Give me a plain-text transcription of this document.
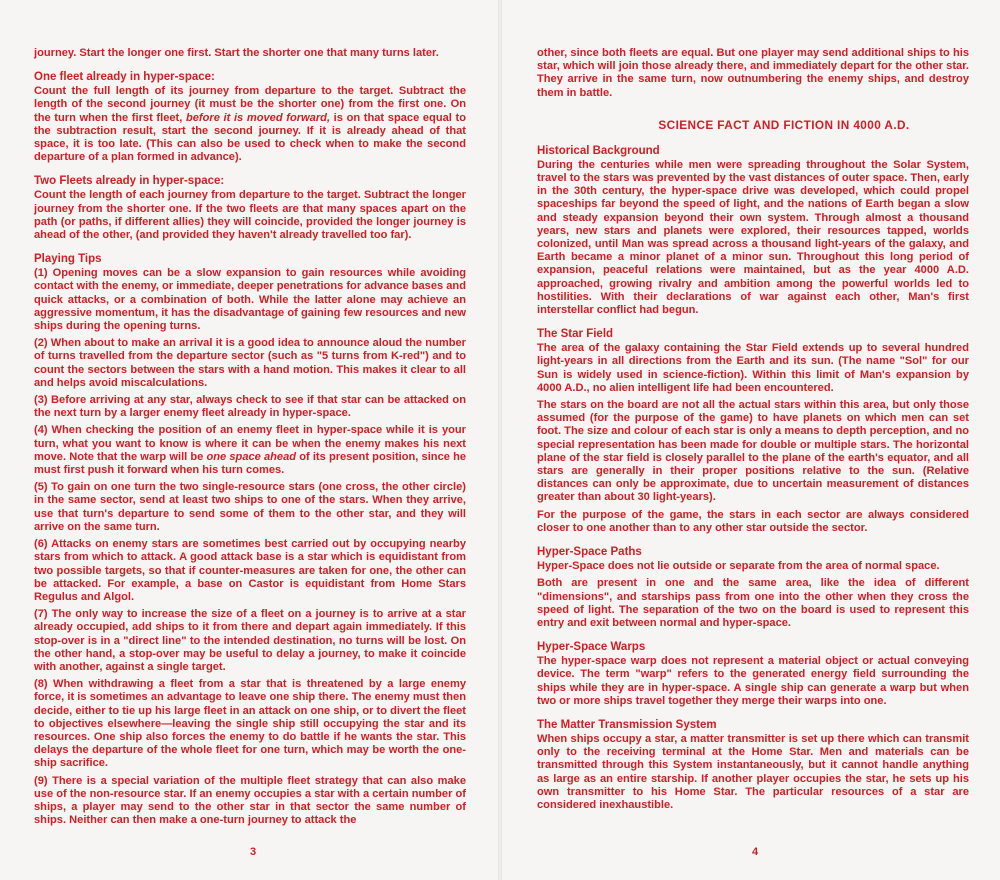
journey. Start the longer one first. Start the shorter one that many turns later.

One fleet already in hyper-space:

Count the full length of its journey from departure to the target. Subtract the length of the second journey (it must be the shorter one) from the first one. On the turn when the first fleet, before it is moved forward, is on that space equal to the subtraction result, start the second journey. If it is already ahead of that space, it is too late. (This can also be used to check when to make the second departure of a plan formed in advance).

Two Fleets already in hyper-space:

Count the length of each journey from departure to the target. Subtract the longer journey from the shorter one. If the two fleets are that many spaces apart on the path (or paths, if different allies) they will coincide, provided the longer journey is ahead of the other, (and provided they haven't already travelled too far).

Playing Tips

(1) Opening moves can be a slow expansion to gain resources while avoiding contact with the enemy, or immediate, deeper penetrations for advance bases and quick attacks, or a combination of both. While the latter alone may achieve an aggressive momentum, it has the disadvantage of gaining few resources and new ships during the opening turns.

(2) When about to make an arrival it is a good idea to announce aloud the number of turns travelled from the departure sector (such as "5 turns from K-red") and to count the sectors between the stars with a hand motion. This makes it clear to all and helps avoid miscalculations.

(3) Before arriving at any star, always check to see if that star can be attacked on the next turn by a larger enemy fleet already in hyper-space.

(4) When checking the position of an enemy fleet in hyper-space while it is your turn, what you want to know is where it can be when the enemy makes his next move. Note that the warp will be one space ahead of its present position, since he must first push it forward when his turn comes.

(5) To gain on one turn the two single-resource stars (one cross, the other circle) in the same sector, send at least two ships to one of the stars. When they arrive, use that turn's departure to send some of them to the other star, and they will arrive on the same turn.

(6) Attacks on enemy stars are sometimes best carried out by occupying nearby stars from which to attack. A good attack base is a star which is equidistant from two possible targets, so that if counter-measures are taken for one, the other can be attacked. For example, a base on Castor is equidistant from Home Stars Regulus and Algol.

(7) The only way to increase the size of a fleet on a journey is to arrive at a star already occupied, add ships to it from there and depart again immediately. If this stop-over is in a "direct line" to the intended destination, no turns will be lost. On the other hand, a stop-over may be useful to delay a journey, to make it coincide with another, against a single target.

(8) When withdrawing a fleet from a star that is threatened by a large enemy force, it is sometimes an advantage to leave one ship there. The enemy must then decide, either to tie up his large fleet in an attack on one ship, or to divert the fleet to objectives elsewhere—leaving the single ship still occupying the star and its resources. One ship also forces the enemy to do battle if he wants the star. This delays the departure of the whole fleet for one turn, which may be worth the one-ship sacrifice.

(9) There is a special variation of the multiple fleet strategy that can also make use of the non-resource star. If an enemy occupies a star with a certain number of ships, a player may send to the other star in that sector the same number of ships. Neither can then make a one-turn journey to attack the

3

other, since both fleets are equal. But one player may send additional ships to his star, which will join those already there, and immediately depart for the other star. They arrive in the same turn, now outnumbering the enemy ships, and destroy them in battle.

SCIENCE FACT AND FICTION IN 4000 A.D.
Historical Background

During the centuries while men were spreading throughout the Solar System, travel to the stars was prevented by the vast distances of outer space. Then, early in the 30th century, the hyper-space drive was developed, which could propel spaceships far beyond the speed of light, and the nations of Earth began a slow and steady expansion beyond their own system. Through almost a thousand years, new stars and planets were explored, their resources tapped, worlds colonized, until Man was spread across a thousand light-years of the galaxy, and Earth became a minor planet of a minor sun. Throughout this long period of expansion, peaceful relations were maintained, but as the year 4000 A.D. approached, growing rivalry and ambition among the powerful worlds led to hostilities. With their declarations of war against each other, Man's first interstellar conflict had begun.

The Star Field

The area of the galaxy containing the Star Field extends up to several hundred light-years in all directions from the Earth and its sun. (The name "Sol" for our Sun is widely used in science-fiction). Within this limit of Man's expansion by 4000 A.D., no alien intelligent life had been encountered.

The stars on the board are not all the actual stars within this area, but only those assumed (for the purpose of the game) to have planets on which men can set foot. The size and colour of each star is only a means to depth perception, and no special representation has been made for double or multiple stars. The horizontal plane of the star field is closely parallel to the plane of the earth's equator, and all stars are generally in their proper positions relative to the sun. (Relative distances can only be approximate, due to uncertain measurement of distances greater than about 30 light-years).

For the purpose of the game, the stars in each sector are always considered closer to one another than to any other star outside the sector.

Hyper-Space Paths

Hyper-Space does not lie outside or separate from the area of normal space.

Both are present in one and the same area, like the idea of different "dimensions", and starships pass from one into the other when they cross the speed of light. The separation of the two on the board is used to represent this entry and exit between normal and hyper-space.

Hyper-Space Warps

The hyper-space warp does not represent a material object or actual conveying device. The term "warp" refers to the generated energy field surrounding the ships while they are in hyper-space. A single ship can generate a warp but when two or more ships travel together they merge their warps into one.

The Matter Transmission System

When ships occupy a star, a matter transmitter is set up there which can transmit only to the receiving terminal at the Home Star. Men and materials can be transmitted through this System instantaneously, but it cannot handle anything as large as an entire starship. If another player occupies the star, he sets up his own transmitter to his Home Star. The particular resources of a star are considered inexhaustible.

4
